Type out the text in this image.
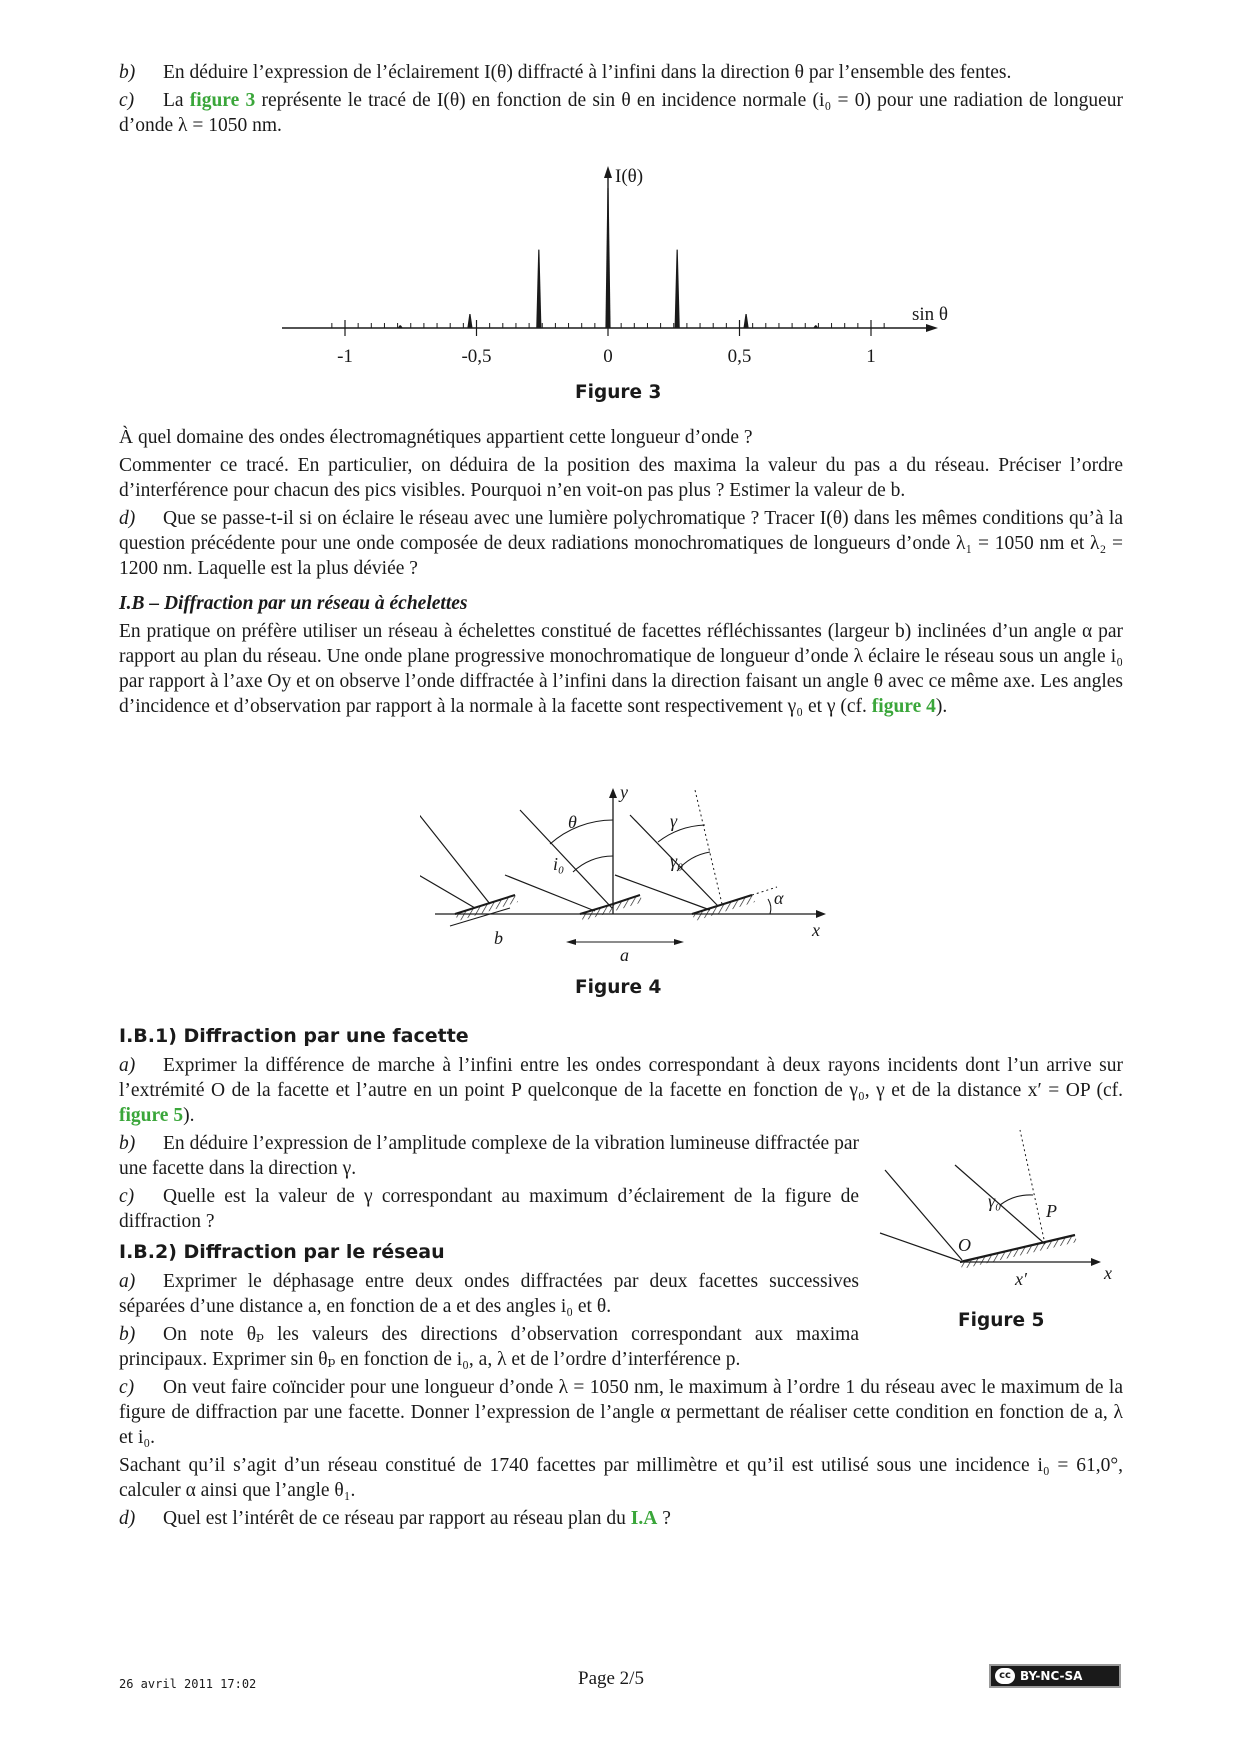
b) En déduire l’expression de l’éclairement I(θ) diffracté à l’infini dans la direction θ par l’ensemble des fentes.

c) La figure 3 représente le tracé de I(θ) en fonction de sin θ en incidence normale (i₀ = 0) pour une radiation de longueur d’onde λ = 1050 nm.

-1	-0,5	0	0,5	1
I(θ)
sin θ
Figure 3

À quel domaine des ondes électromagnétiques appartient cette longueur d’onde ?

Commenter ce tracé. En particulier, on déduira de la position des maxima la valeur du pas a du réseau. Préciser l’ordre d’interférence pour chacun des pics visibles. Pourquoi n’en voit-on pas plus ? Estimer la valeur de b.

d) Que se passe-t-il si on éclaire le réseau avec une lumière polychromatique ? Tracer I(θ) dans les mêmes conditions qu’à la question précédente pour une onde composée de deux radiations monochromatiques de longueurs d’onde λ₁ = 1050 nm et λ₂ = 1200 nm. Laquelle est la plus déviée ?

I.B – Diffraction par un réseau à échelettes

En pratique on préfère utiliser un réseau à échelettes constitué de facettes réfléchissantes (largeur b) inclinées d’un angle α par rapport au plan du réseau. Une onde plane progressive monochromatique de longueur d’onde λ éclaire le réseau sous un angle i₀ par rapport à l’axe Oy et on observe l’onde diffractée à l’infini dans la direction faisant un angle θ avec ce même axe. Les angles d’incidence et d’observation par rapport à la normale à la facette sont respectivement γ₀ et γ (cf. figure 4).

y
x
b
θ
i₀
a
γ
γ₀
α
Figure 4

I.B.1) Diffraction par une facette

a) Exprimer la différence de marche à l’infini entre les ondes correspondant à deux rayons incidents dont l’un arrive sur l’extrémité O de la facette et l’autre en un point P quelconque de la facette en fonction de γ₀, γ et de la distance x′ = OP (cf. figure 5).

b) En déduire l’expression de l’amplitude complexe de la vibration lumineuse diffractée par une facette dans la direction γ.

c) Quelle est la valeur de γ correspondant au maximum d’éclairement de la figure de diffraction ?

I.B.2) Diffraction par le réseau

a) Exprimer le déphasage entre deux ondes diffractées par deux facettes successives séparées d’une distance a, en fonction de a et des angles i₀ et θ.

b) On note θₚ les valeurs des directions d’observation correspondant aux maxima principaux. Exprimer sin θₚ en fonction de i₀, a, λ et de l’ordre d’interférence p.

c) On veut faire coïncider pour une longueur d’onde λ = 1050 nm, le maximum à l’ordre 1 du réseau avec le maximum de la figure de diffraction par une facette. Donner l’expression de l’angle α permettant de réaliser cette condition en fonction de a, λ et i₀.

Sachant qu’il s’agit d’un réseau constitué de 1740 facettes par millimètre et qu’il est utilisé sous une incidence i₀ = 61,0°, calculer α ainsi que l’angle θ₁.

d) Quel est l’intérêt de ce réseau par rapport au réseau plan du I.A ?

x
γ₀
O
P
x′
Figure 5
26 avril 2011 17:02	Page 2/5	cc BY-NC-SA
